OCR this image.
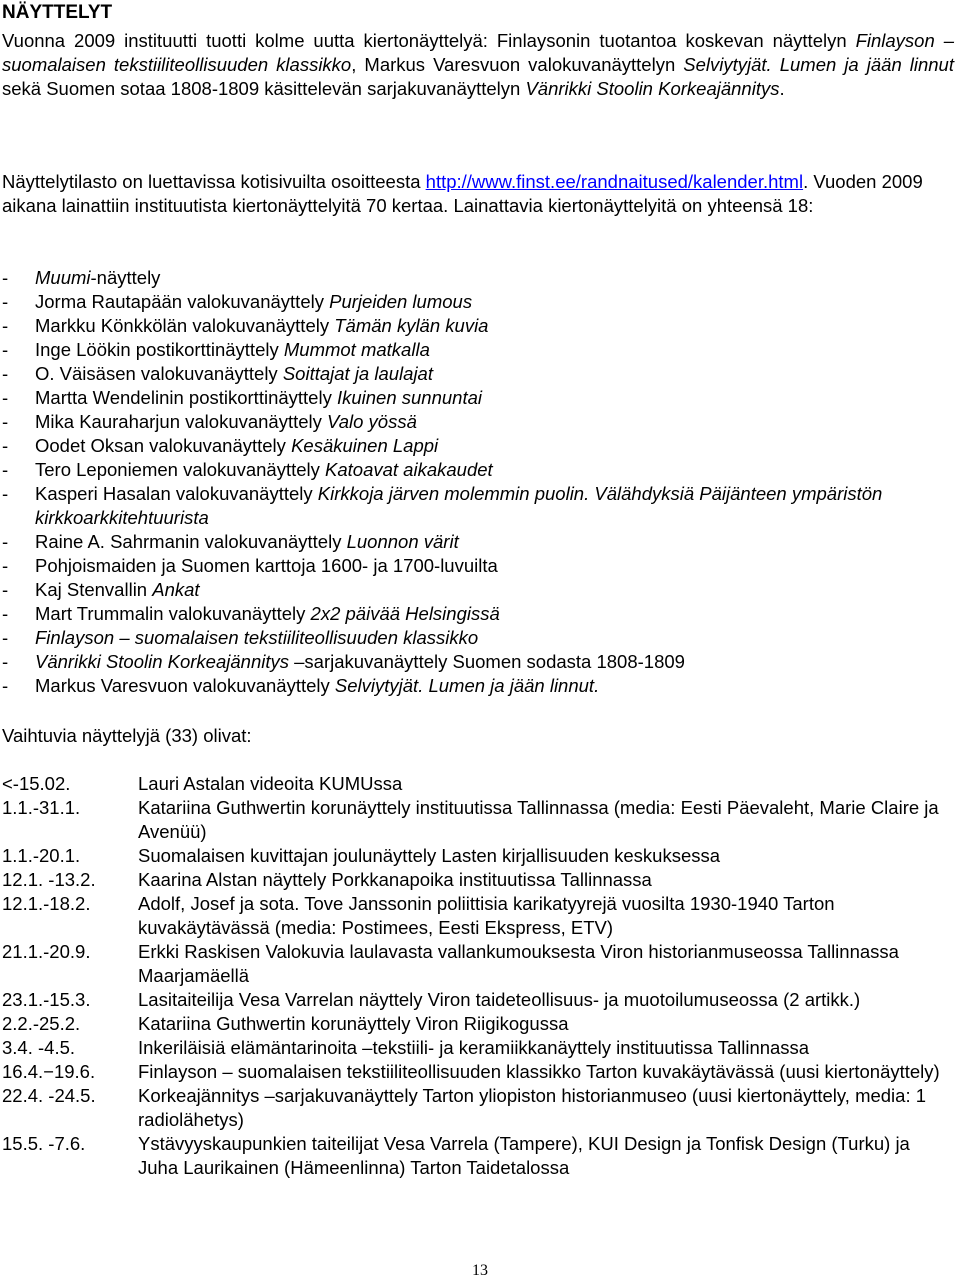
NÄYTTELYT

Vuonna 2009 instituutti tuotti kolme uutta kiertonäyttelyä: Finlaysonin tuotantoa koskevan näyttelyn Finlayson – suomalaisen tekstiiliteollisuuden klassikko, Markus Varesvuon valokuvanäyttelyn Selviytyjät. Lumen ja jään linnut sekä Suomen sotaa 1808-1809 käsittelevän sarjakuvanäyttelyn Vänrikki Stoolin Korkeajännitys.

Näyttelytilasto on luettavissa kotisivuilta osoitteesta http://www.finst.ee/randnaitused/kalender.html. Vuoden 2009 aikana lainattiin instituutista kiertonäyttelyitä 70 kertaa. Lainattavia kiertonäyttelyitä on yhteensä 18:

- Muumi-näyttely
- Jorma Rautapään valokuvanäyttely Purjeiden lumous
- Markku Könkkölän valokuvanäyttely Tämän kylän kuvia
- Inge Löökin postikorttinäyttely Mummot matkalla
- O. Väisäsen valokuvanäyttely Soittajat ja laulajat
- Martta Wendelinin postikorttinäyttely Ikuinen sunnuntai
- Mika Kauraharjun valokuvanäyttely Valo yössä
- Oodet Oksan valokuvanäyttely Kesäkuinen Lappi
- Tero Leponiemen valokuvanäyttely Katoavat aikakaudet
- Kasperi Hasalan valokuvanäyttely Kirkkoja järven molemmin puolin. Välähdyksiä Päijänteen ympäristön kirkkoarkkitehtuurista
- Raine A. Sahrmanin valokuvanäyttely Luonnon värit
- Pohjoismaiden ja Suomen karttoja 1600- ja 1700-luvuilta
- Kaj Stenvallin Ankat
- Mart Trummalin valokuvanäyttely 2x2 päivää Helsingissä
- Finlayson – suomalaisen tekstiiliteollisuuden klassikko
- Vänrikki Stoolin Korkeajännitys –sarjakuvanäyttely Suomen sodasta 1808-1809
- Markus Varesvuon valokuvanäyttely Selviytyjät. Lumen ja jään linnut.

Vaihtuvia näyttelyjä (33) olivat:

<-15.02.	Lauri Astalan videoita KUMUssa
1.1.-31.1.	Katariina Guthwertin korunäyttely instituutissa Tallinnassa (media: Eesti Päevaleht, Marie Claire ja Avenüü)
1.1.-20.1.	Suomalaisen kuvittajan joulunäyttely Lasten kirjallisuuden keskuksessa
12.1. -13.2.	Kaarina Alstan näyttely Porkkanapoika instituutissa Tallinnassa
12.1.-18.2.	Adolf, Josef ja sota. Tove Janssonin poliittisia karikatyyrejä vuosilta 1930-1940 Tarton kuvakäytävässä (media: Postimees, Eesti Ekspress, ETV)
21.1.-20.9.	Erkki Raskisen Valokuvia laulavasta vallankumouksesta Viron historianmuseossa Tallinnassa Maarjamäellä
23.1.-15.3.	Lasitaiteilija Vesa Varrelan näyttely Viron taideteollisuus- ja muotoilumuseossa (2 artikk.)
2.2.-25.2.	Katariina Guthwertin korunäyttely Viron Riigikogussa
3.4. -4.5.	Inkeriläisiä elämäntarinoita –tekstiili- ja keramiikkanäyttely instituutissa Tallinnassa
16.4.−19.6.	Finlayson – suomalaisen tekstiiliteollisuuden klassikko Tarton kuvakäytävässä (uusi kiertonäyttely)
22.4. -24.5.	Korkeajännitys –sarjakuvanäyttely Tarton yliopiston historianmuseo (uusi kiertonäyttely, media: 1 radiolähetys)
15.5. -7.6.	Ystävyyskaupunkien taiteilijat Vesa Varrela (Tampere), KUI Design ja Tonfisk Design (Turku) ja Juha Laurikainen (Hämeenlinna) Tarton Taidetalossa
13
